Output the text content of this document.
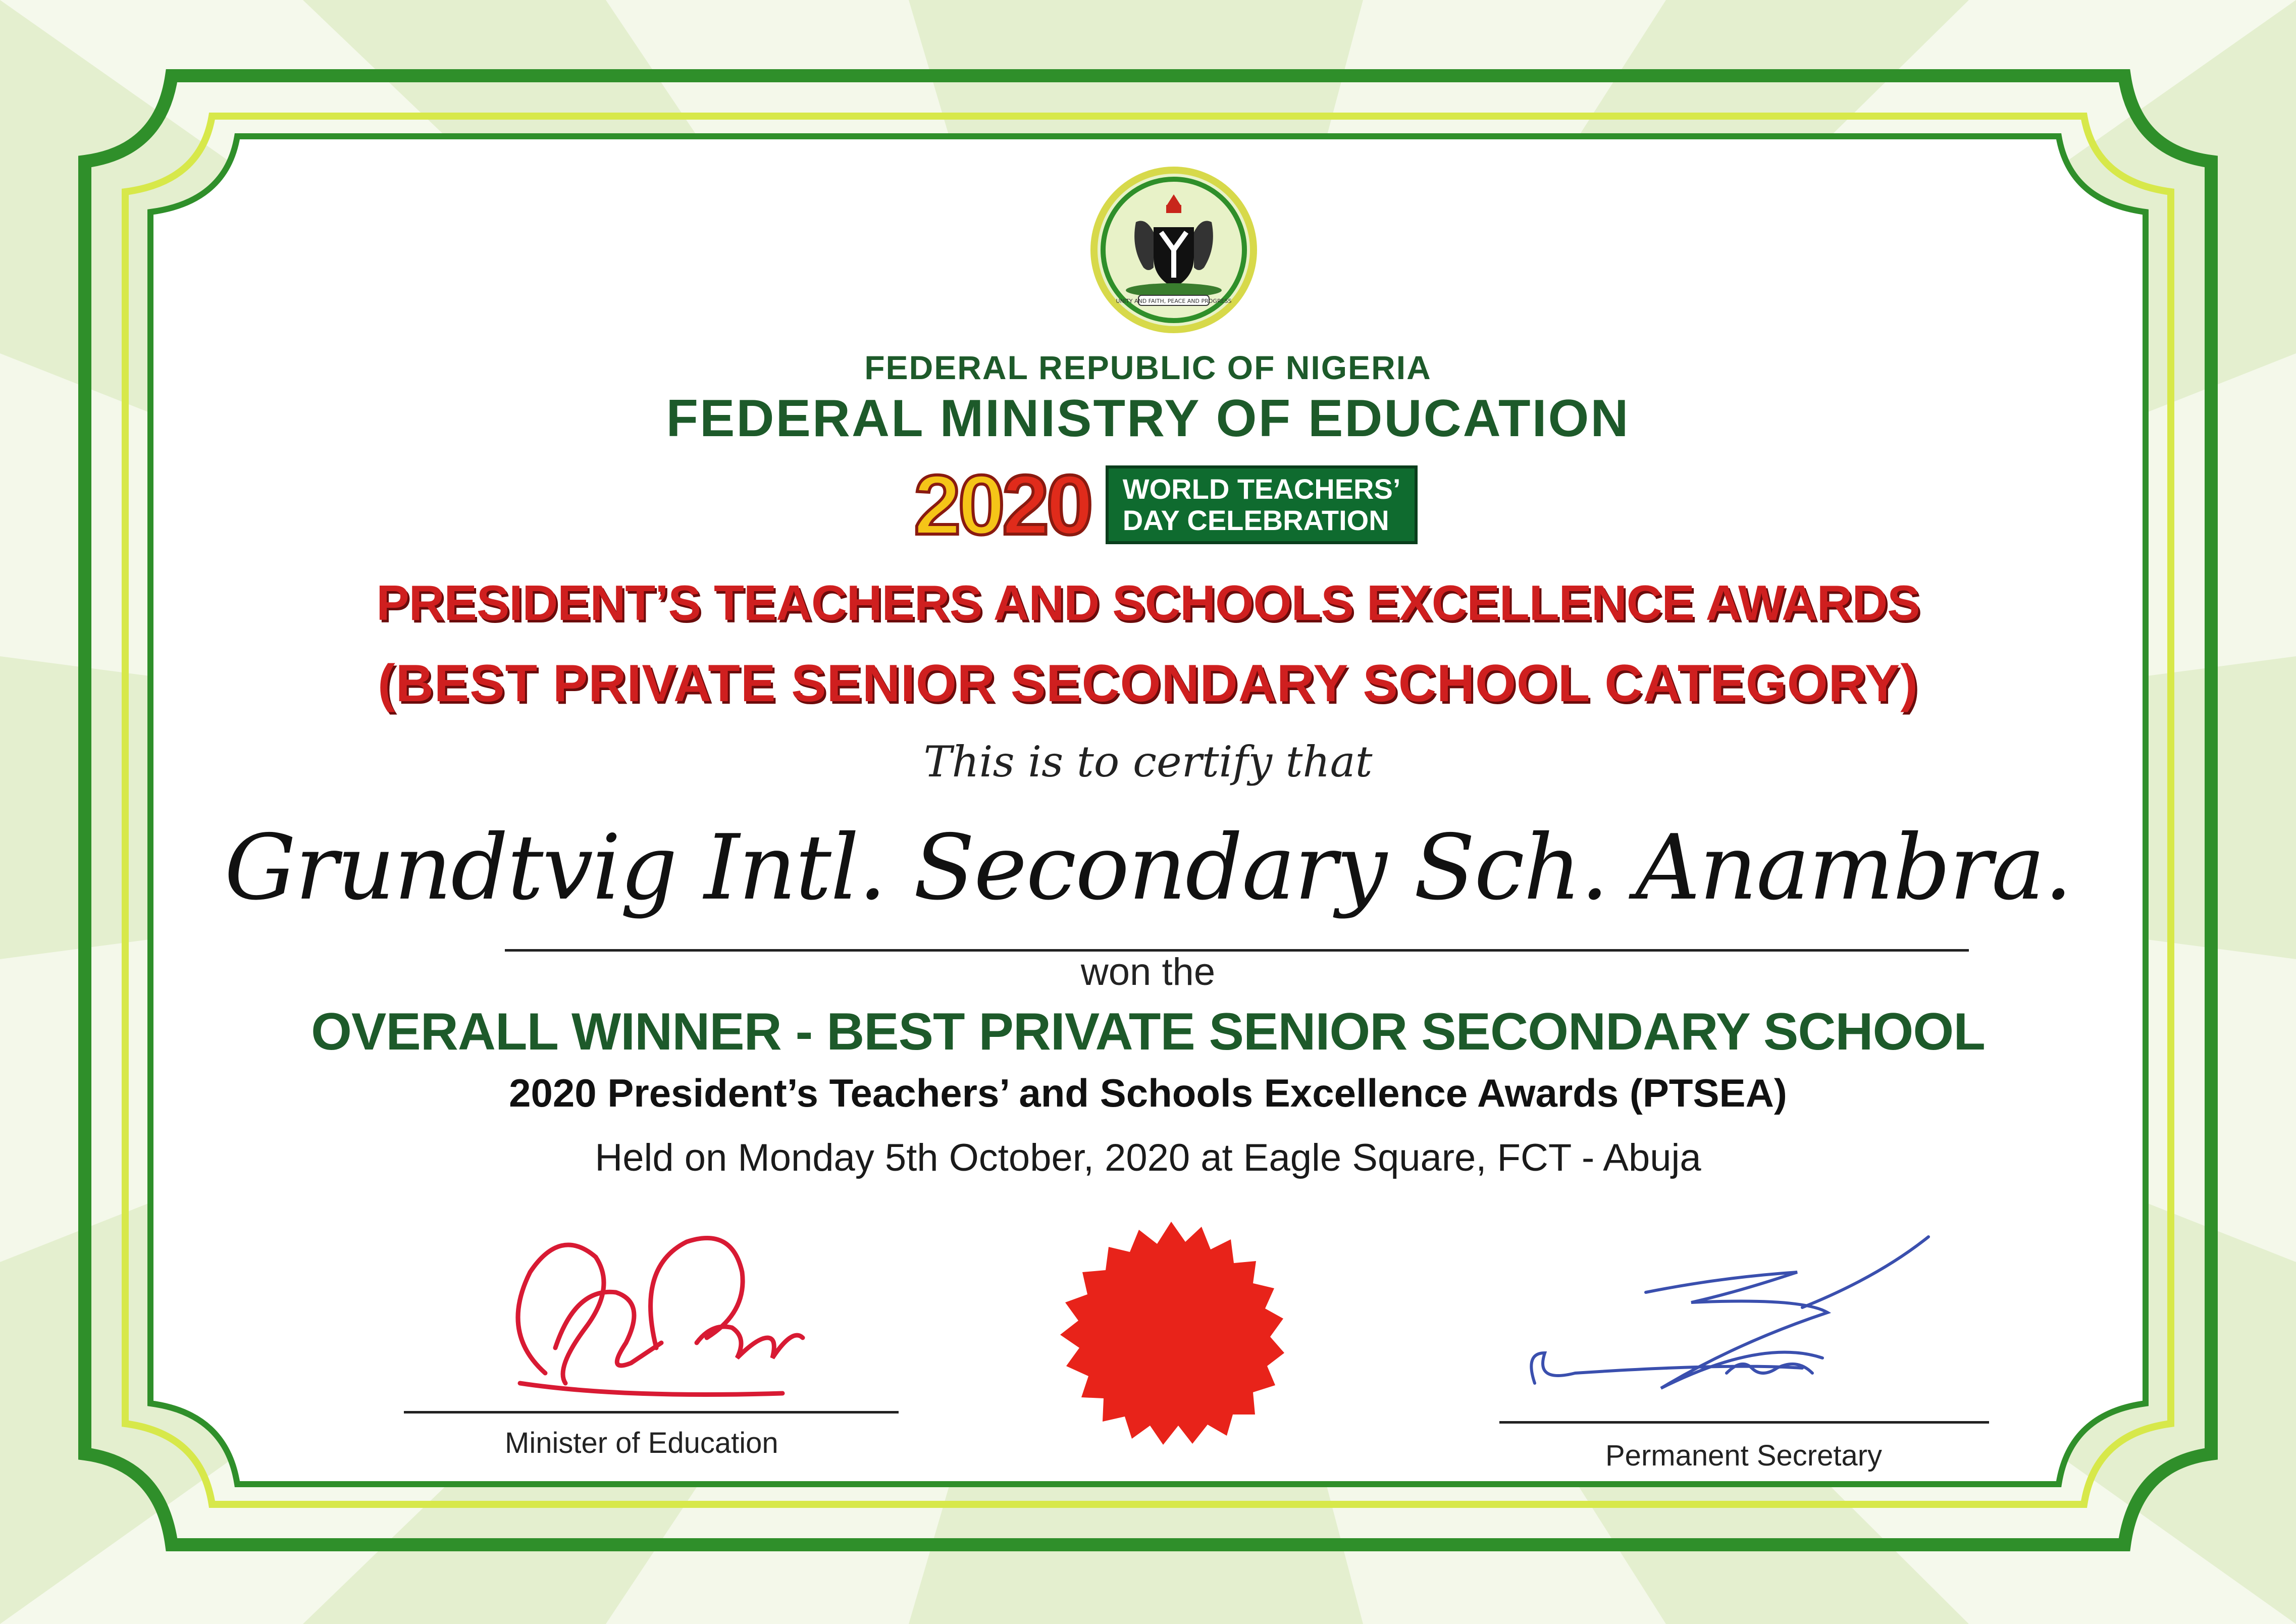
UNITY AND FAITH, PEACE AND PROGRESS
FEDERAL REPUBLIC OF NIGERIA
FEDERAL MINISTRY OF EDUCATION
2020 WORLD TEACHERS’
DAY CELEBRATION
PRESIDENT’S TEACHERS AND SCHOOLS EXCELLENCE AWARDS
(BEST PRIVATE SENIOR SECONDARY SCHOOL CATEGORY)
This is to certify that
Grundtvig Intl. Secondary Sch. Anambra.
won the
OVERALL WINNER - BEST PRIVATE SENIOR SECONDARY SCHOOL
2020 President’s Teachers’ and Schools Excellence Awards (PTSEA)
Held on Monday 5th October, 2020 at Eagle Square, FCT - Abuja
Minister of Education	Permanent Secretary
